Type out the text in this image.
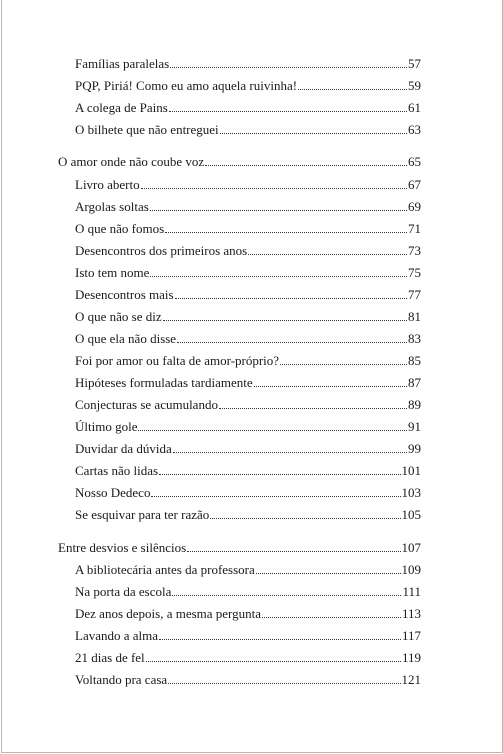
Famílias paralelas	57
PQP, Piriá! Como eu amo aquela ruivinha!	59
A colega de Pains	61
O bilhete que não entreguei	63
O amor onde não coube voz	65
Livro aberto	67
Argolas soltas	69
O que não fomos	71
Desencontros dos primeiros anos	73
Isto tem nome	75
Desencontros mais	77
O que não se diz	81
O que ela não disse	83
Foi por amor ou falta de amor-próprio?	85
Hipóteses formuladas tardiamente	87
Conjecturas se acumulando	89
Último gole	91
Duvidar da dúvida	99
Cartas não lidas	101
Nosso Dedeco	103
Se esquivar para ter razão	105
Entre desvios e silêncios	107
A bibliotecária antes da professora	109
Na porta da escola	111
Dez anos depois, a mesma pergunta	113
Lavando a alma	117
21 dias de fel	119
Voltando pra casa	121
